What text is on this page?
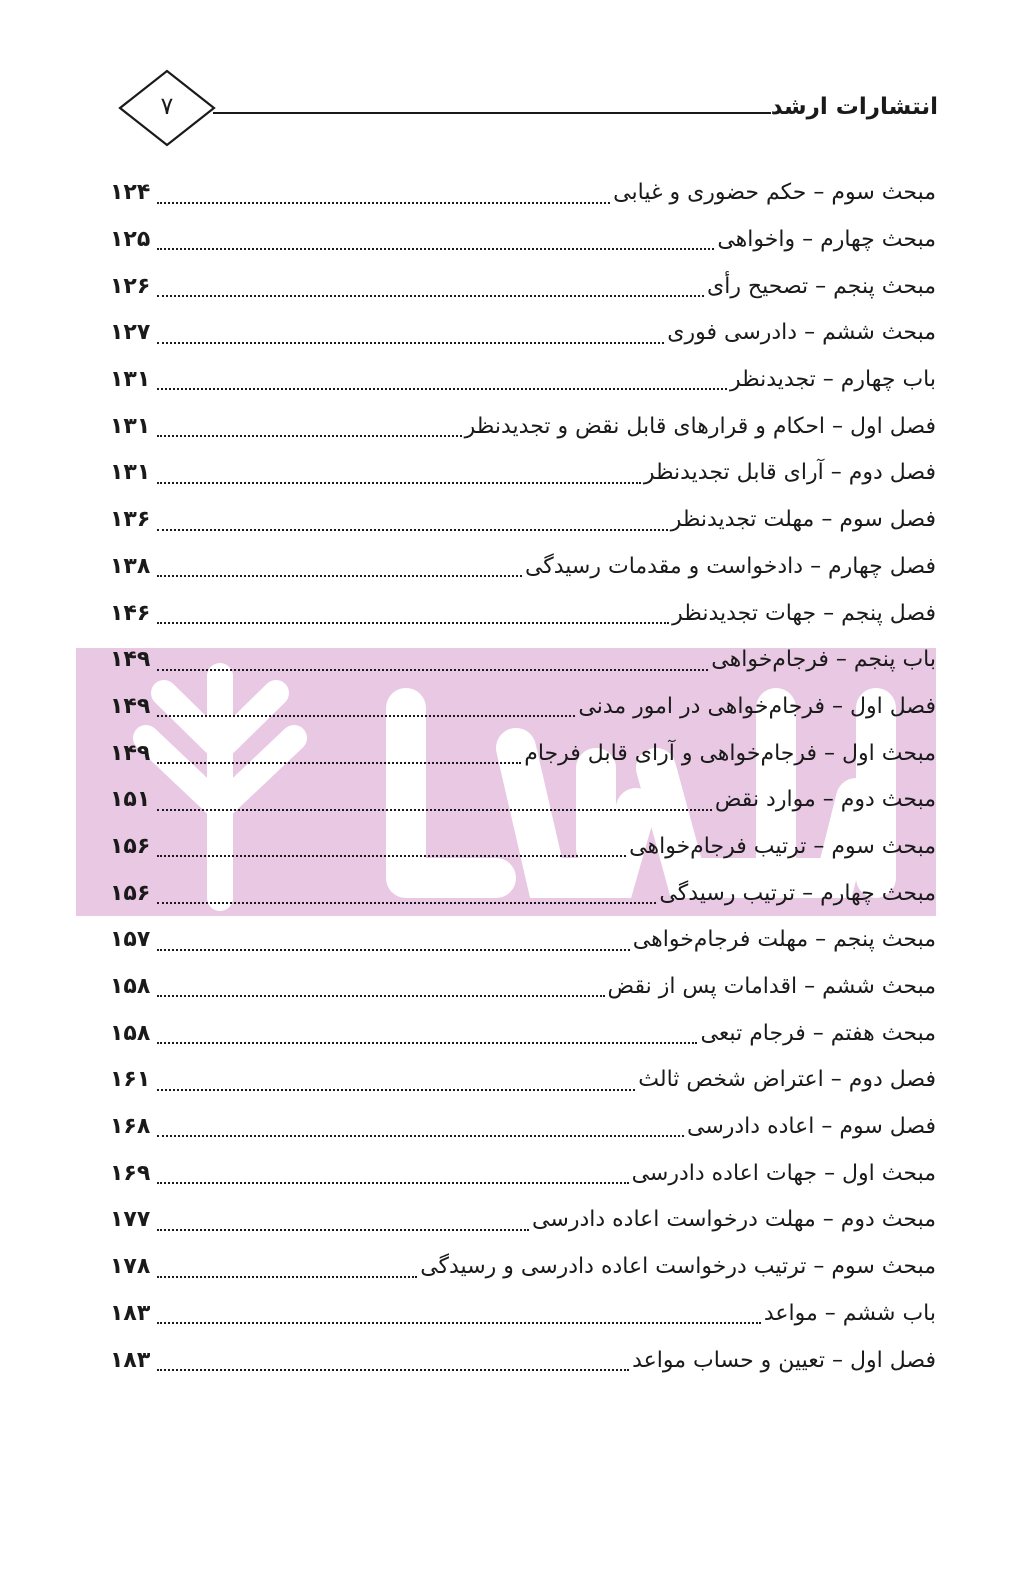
انتشارات ارشد
۷
مبحث سوم – حکم حضوری و غیابی
۱۲۴
مبحث چهارم – واخواهی
۱۲۵
مبحث پنجم – تصحیح رأی
۱۲۶
مبحث ششم – دادرسی فوری
۱۲۷
باب چهارم – تجدیدنظر
۱۳۱
فصل اول – احکام و قرارهای قابل نقض و تجدیدنظر
۱۳۱
فصل دوم – آرای قابل تجدیدنظر
۱۳۱
فصل سوم – مهلت تجدیدنظر
۱۳۶
فصل چهارم – دادخواست و مقدمات رسیدگی
۱۳۸
فصل پنجم – جهات تجدیدنظر
۱۴۶
باب پنجم – فرجام‌خواهی
۱۴۹
فصل اول – فرجام‌خواهی در امور مدنی
۱۴۹
مبحث اول – فرجام‌خواهی و آرای قابل فرجام
۱۴۹
مبحث دوم – موارد نقض
۱۵۱
مبحث سوم – ترتیب فرجام‌خواهی
۱۵۶
مبحث چهارم – ترتیب رسیدگی
۱۵۶
مبحث پنجم – مهلت فرجام‌خواهی
۱۵۷
مبحث ششم – اقدامات پس از نقض
۱۵۸
مبحث هفتم – فرجام تبعی
۱۵۸
فصل دوم – اعتراض شخص ثالث
۱۶۱
فصل سوم – اعاده دادرسی
۱۶۸
مبحث اول – جهات اعاده دادرسی
۱۶۹
مبحث دوم – مهلت درخواست اعاده دادرسی
۱۷۷
مبحث سوم – ترتیب درخواست اعاده دادرسی و رسیدگی
۱۷۸
باب ششم – مواعد
۱۸۳
فصل اول – تعیین و حساب مواعد
۱۸۳
